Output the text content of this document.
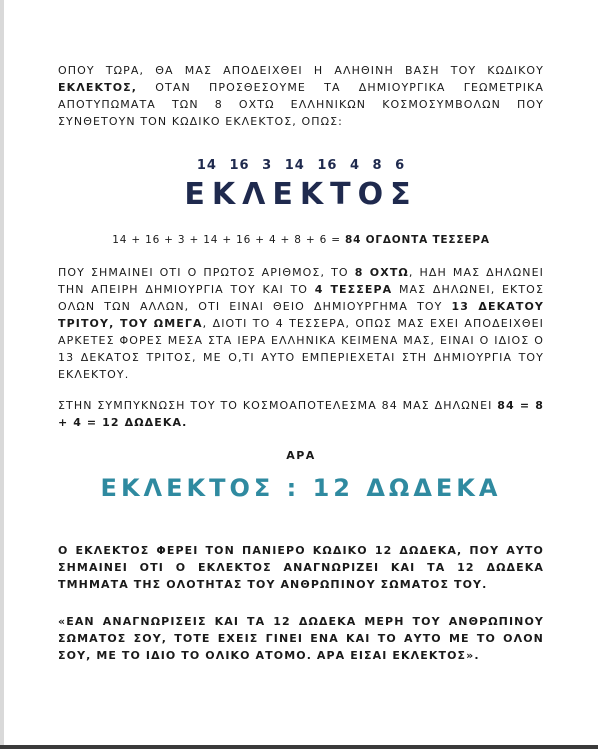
ΟΠΟΥ ΤΩΡΑ, ΘΑ ΜΑΣ ΑΠΟΔΕΙΧΘΕΙ Η ΑΛΗΘΙΝΗ ΒΑΣΗ ΤΟΥ ΚΩΔΙΚΟΥ ΕΚΛΕΚΤΟΣ, ΟΤΑΝ ΠΡΟΣΘΕΣΟΥΜΕ ΤΑ ΔΗΜΙΟΥΡΓΙΚΑ ΓΕΩΜΕΤΡΙΚΑ ΑΠΟΤΥΠΩΜΑΤΑ ΤΩΝ 8 ΟΧΤΩ ΕΛΛΗΝΙΚΩΝ ΚΟΣΜΟΣΥΜΒΟΛΩΝ ΠΟΥ ΣΥΝΘΕΤΟΥΝ ΤΟΝ ΚΩΔΙΚΟ ΕΚΛΕΚΤΟΣ, ΟΠΩΣ:

14 16 3 14 16 4 8 6
ΕΚΛΕΚΤΟΣ
14 + 16 + 3 + 14 + 16 + 4 + 8 + 6 = 84 ΟΓΔΟΝΤΑ ΤΕΣΣΕΡΑ

ΠΟΥ ΣΗΜΑΙΝΕΙ ΟΤΙ Ο ΠΡΩΤΟΣ ΑΡΙΘΜΟΣ, ΤΟ 8 ΟΧΤΩ, ΗΔΗ ΜΑΣ ΔΗΛΩΝΕΙ ΤΗΝ ΑΠΕΙΡΗ ΔΗΜΙΟΥΡΓΙΑ ΤΟΥ ΚΑΙ ΤΟ 4 ΤΕΣΣΕΡΑ ΜΑΣ ΔΗΛΩΝΕΙ, ΕΚΤΟΣ ΟΛΩΝ ΤΩΝ ΑΛΛΩΝ, ΟΤΙ ΕΙΝΑΙ ΘΕΙΟ ΔΗΜΙΟΥΡΓΗΜΑ ΤΟΥ 13 ΔΕΚΑΤΟΥ ΤΡΙΤΟΥ, ΤΟΥ ΩΜΕΓΑ, ΔΙΟΤΙ ΤΟ 4 ΤΕΣΣΕΡΑ, ΟΠΩΣ ΜΑΣ ΕΧΕΙ ΑΠΟΔΕΙΧΘΕΙ ΑΡΚΕΤΕΣ ΦΟΡΕΣ ΜΕΣΑ ΣΤΑ ΙΕΡΑ ΕΛΛΗΝΙΚΑ ΚΕΙΜΕΝΑ ΜΑΣ, ΕΙΝΑΙ Ο ΙΔΙΟΣ Ο 13 ΔΕΚΑΤΟΣ ΤΡΙΤΟΣ, ΜΕ Ο,ΤΙ ΑΥΤΟ ΕΜΠΕΡΙΕΧΕΤΑΙ ΣΤΗ ΔΗΜΙΟΥΡΓΙΑ ΤΟΥ ΕΚΛΕΚΤΟΥ.

ΣΤΗΝ ΣΥΜΠΥΚΝΩΣΗ ΤΟΥ ΤΟ ΚΟΣΜΟΑΠΟΤΕΛΕΣΜΑ 84 ΜΑΣ ΔΗΛΩΝΕΙ 84 = 8 + 4 = 12 ΔΩΔΕΚΑ.

ΑΡΑ
ΕΚΛΕΚΤΟΣ : 12 ΔΩΔΕΚΑ

Ο ΕΚΛΕΚΤΟΣ ΦΕΡΕΙ ΤΟΝ ΠΑΝΙΕΡΟ ΚΩΔΙΚΟ 12 ΔΩΔΕΚΑ, ΠΟΥ ΑΥΤΟ ΣΗΜΑΙΝΕΙ ΟΤΙ Ο ΕΚΛΕΚΤΟΣ ΑΝΑΓΝΩΡΙΖΕΙ ΚΑΙ ΤΑ 12 ΔΩΔΕΚΑ ΤΜΗΜΑΤΑ ΤΗΣ ΟΛΟΤΗΤΑΣ ΤΟΥ ΑΝΘΡΩΠΙΝΟΥ ΣΩΜΑΤΟΣ ΤΟΥ.

«ΕΑΝ ΑΝΑΓΝΩΡΙΣΕΙΣ ΚΑΙ ΤΑ 12 ΔΩΔΕΚΑ ΜΕΡΗ ΤΟΥ ΑΝΘΡΩΠΙΝΟΥ ΣΩΜΑΤΟΣ ΣΟΥ, ΤΟΤΕ ΕΧΕΙΣ ΓΙΝΕΙ ΕΝΑ ΚΑΙ ΤΟ ΑΥΤΟ ΜΕ ΤΟ ΟΛΟΝ ΣΟΥ, ΜΕ ΤΟ ΙΔΙΟ ΤΟ ΟΛΙΚΟ ΑΤΟΜΟ. ΑΡΑ ΕΙΣΑΙ ΕΚΛΕΚΤΟΣ».
